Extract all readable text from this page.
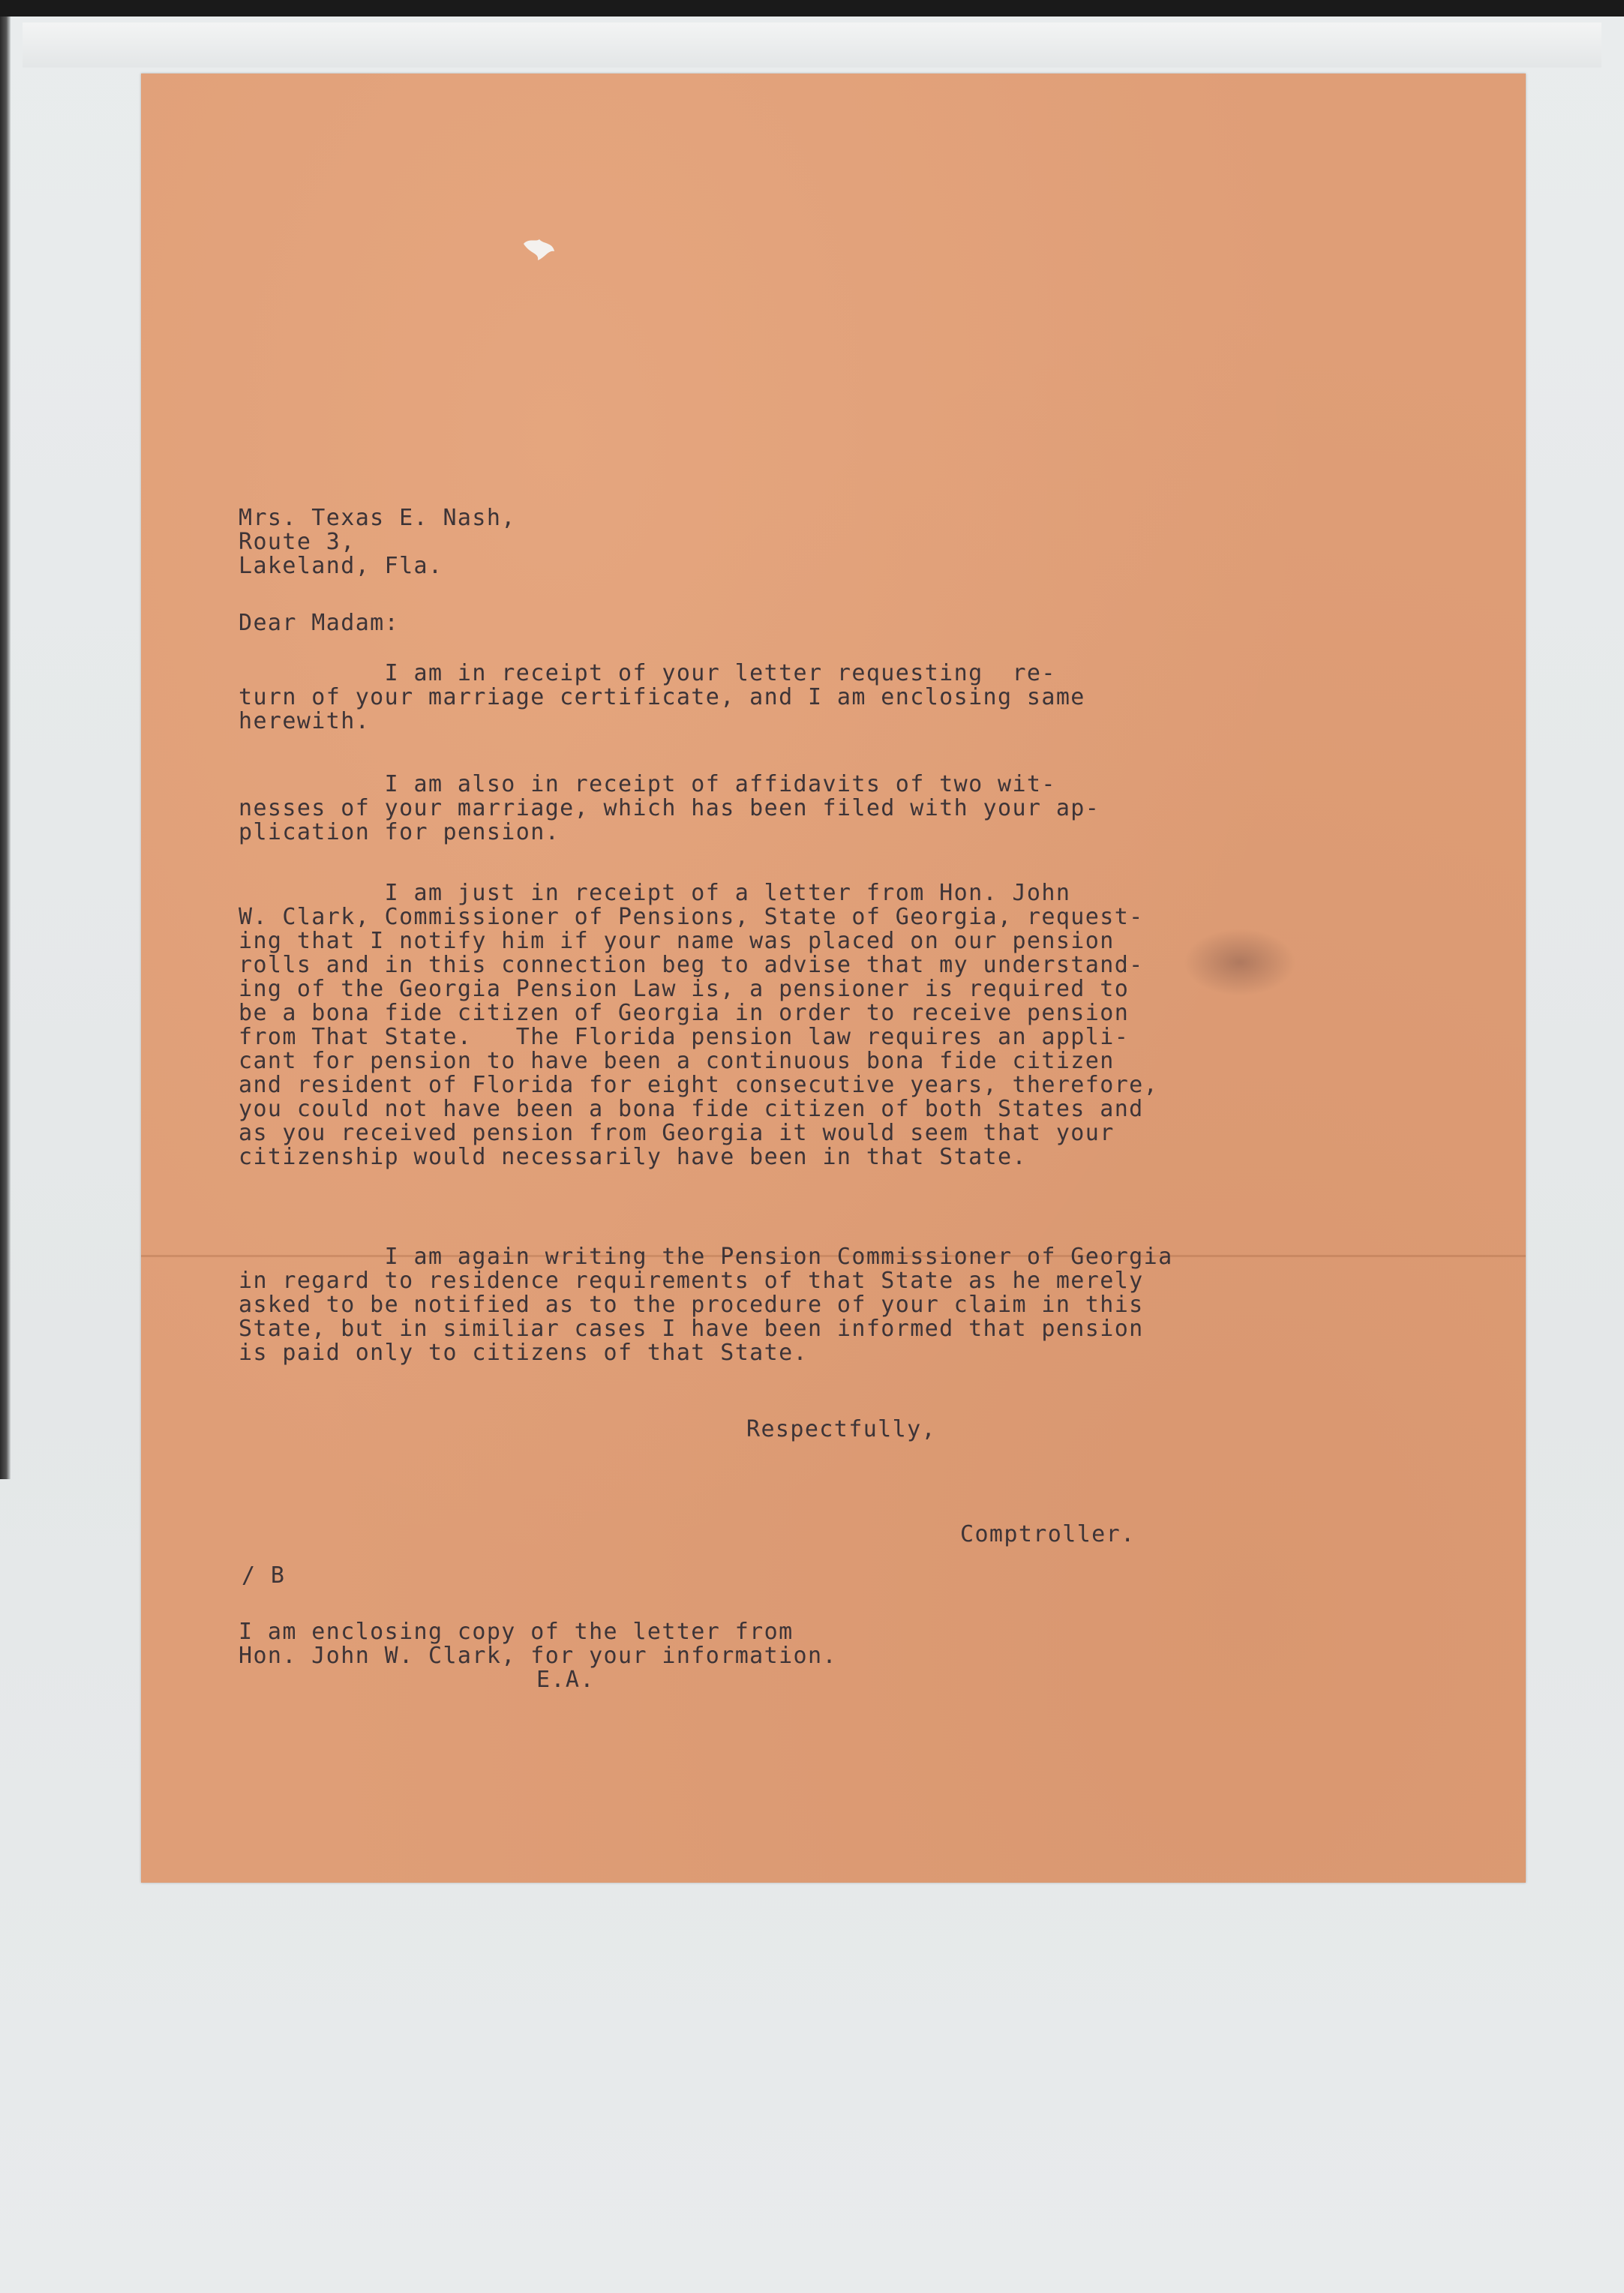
Mrs. Texas E. Nash,
Route 3,
Lakeland, Fla.
Dear Madam:
I am in receipt of your letter requesting  re-
turn of your marriage certificate, and I am enclosing same
herewith.
I am also in receipt of affidavits of two wit-
nesses of your marriage, which has been filed with your ap-
plication for pension.
I am just in receipt of a letter from Hon. John
W. Clark, Commissioner of Pensions, State of Georgia, request-
ing that I notify him if your name was placed on our pension
rolls and in this connection beg to advise that my understand-
ing of the Georgia Pension Law is, a pensioner is required to
be a bona fide citizen of Georgia in order to receive pension
from That State.   The Florida pension law requires an appli-
cant for pension to have been a continuous bona fide citizen
and resident of Florida for eight consecutive years, therefore,
you could not have been a bona fide citizen of both States and
as you received pension from Georgia it would seem that your
citizenship would necessarily have been in that State.
I am again writing the Pension Commissioner of Georgia
in regard to residence requirements of that State as he merely
asked to be notified as to the procedure of your claim in this
State, but in similiar cases I have been informed that pension
is paid only to citizens of that State.
Respectfully,
Comptroller.
/ B
I am enclosing copy of the letter from
Hon. John W. Clark, for your information.
E.A.
